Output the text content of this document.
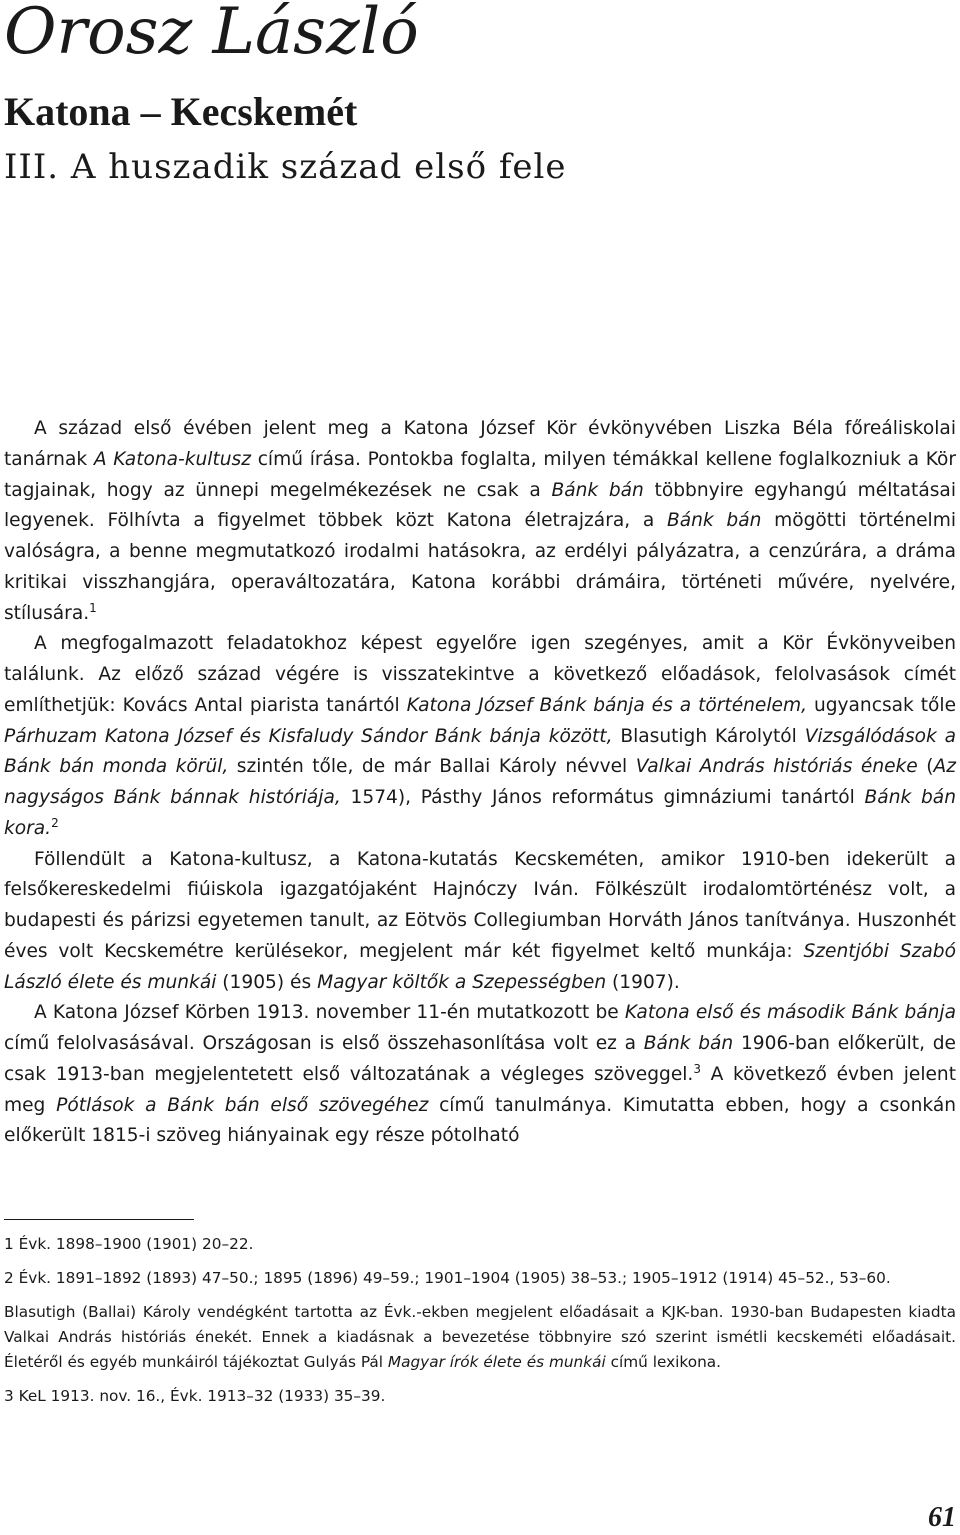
Orosz László
Katona – Kecskemét
III. A huszadik század első fele

A század első évében jelent meg a Katona József Kör évkönyvében Liszka Béla főreáliskolai tanárnak A Katona-kultusz című írása. Pontokba foglalta, milyen témákkal kellene foglalkozniuk a Kör tagjainak, hogy az ünnepi megelmékezések ne csak a Bánk bán többnyire egyhangú méltatásai legyenek. Fölhívta a figyelmet többek közt Katona életrajzára, a Bánk bán mögötti történelmi valóságra, a benne megmutatkozó irodalmi hatásokra, az erdélyi pályázatra, a cenzúrára, a dráma kritikai visszhangjára, operaváltozatára, Katona korábbi drámáira, történeti művére, nyelvére, stílusára.$^1$

A megfogalmazott feladatokhoz képest egyelőre igen szegényes, amit a Kör Évkönyveiben találunk. Az előző század végére is visszatekintve a következő előadások, felolvasások címét említhetjük: Kovács Antal piarista tanártól Katona József Bánk bánja és a történelem, ugyancsak tőle Párhuzam Katona József és Kisfaludy Sándor Bánk bánja között, Blasutigh Károlytól Vizsgálódások a Bánk bán monda körül, szintén tőle, de már Ballai Károly névvel Valkai András históriás éneke (Az nagyságos Bánk bánnak históriája, 1574), Pásthy János református gimnáziumi tanártól Bánk bán kora.$^2$

Föllendült a Katona-kultusz, a Katona-kutatás Kecskeméten, amikor 1910-ben idekerült a felsőkereskedelmi fiúiskola igazgatójaként Hajnóczy Iván. Fölkészült irodalomtörténész volt, a budapesti és párizsi egyetemen tanult, az Eötvös Collegiumban Horváth János tanítványa. Huszonhét éves volt Kecskemétre kerülésekor, megjelent már két figyelmet keltő munkája: Szentjóbi Szabó László élete és munkái (1905) és Magyar költők a Szepességben (1907).

A Katona József Körben 1913. november 11-én mutatkozott be Katona első és második Bánk bánja című felolvasásával. Országosan is első összehasonlítása volt ez a Bánk bán 1906-ban előkerült, de csak 1913-ban megjelentetett első változatának a végleges szöveggel.$^3$ A következő évben jelent meg Pótlások a Bánk bán első szövegéhez című tanulmánya. Kimutatta ebben, hogy a csonkán előkerült 1815-i szöveg hiányainak egy része pótolható

1 Évk. 1898–1900 (1901) 20–22.

2 Évk. 1891–1892 (1893) 47–50.; 1895 (1896) 49–59.; 1901–1904 (1905) 38–53.; 1905–1912 (1914) 45–52., 53–60.

Blasutigh (Ballai) Károly vendégként tartotta az Évk.-ekben megjelent előadásait a KJK-ban. 1930-ban Budapesten kiadta Valkai András históriás énekét. Ennek a kiadásnak a bevezetése többnyire szó szerint ismétli kecskeméti előadásait. Életéről és egyéb munkáiról tájékoztat Gulyás Pál Magyar írók élete és munkái című lexikona.

3 KeL 1913. nov. 16., Évk. 1913–32 (1933) 35–39.

61
